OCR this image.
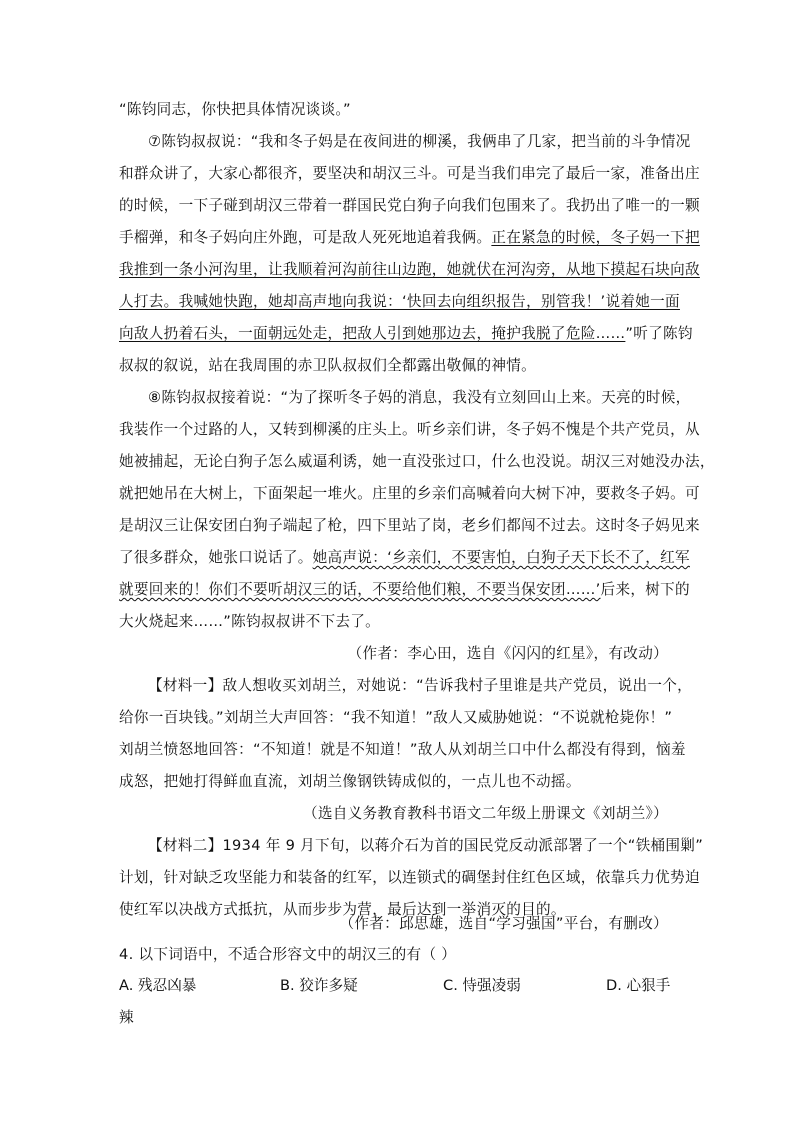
“陈钧同志，你快把具体情况谈谈。”
⑦陈钧叔叔说：“我和冬子妈是在夜间进的柳溪，我俩串了几家，把当前的斗争情况
和群众讲了，大家心都很齐，要坚决和胡汉三斗。可是当我们串完了最后一家，准备出庄
的时候，一下子碰到胡汉三带着一群国民党白狗子向我们包围来了。我扔出了唯一的一颗
手榴弹，和冬子妈向庄外跑，可是敌人死死地追着我俩。正在紧急的时候，冬子妈一下把
我推到一条小河沟里，让我顺着河沟前往山边跑，她就伏在河沟旁，从地下摸起石块向敌
人打去。我喊她快跑，她却高声地向我说：‘快回去向组织报告，别管我！’说着她一面
向敌人扔着石头，一面朝远处走，把敌人引到她那边去，掩护我脱了危险……”听了陈钧
叔叔的叙说，站在我周围的赤卫队叔叔们全都露出敬佩的神情。
⑧陈钧叔叔接着说：“为了探听冬子妈的消息，我没有立刻回山上来。天亮的时候，
我装作一个过路的人，又转到柳溪的庄头上。听乡亲们讲，冬子妈不愧是个共产党员，从
她被捕起，无论白狗子怎么威逼利诱，她一直没张过口，什么也没说。胡汉三对她没办法，
就把她吊在大树上，下面架起一堆火。庄里的乡亲们高喊着向大树下冲，要救冬子妈。可
是胡汉三让保安团白狗子端起了枪，四下里站了岗，老乡们都闯不过去。这时冬子妈见来
了很多群众，她张口说话了。她高声说：‘乡亲们，不要害怕，白狗子天下长不了，红军
就要回来的！你们不要听胡汉三的话，不要给他们粮，不要当保安团……’后来，树下的
大火烧起来……”陈钧叔叔讲不下去了。
（作者：李心田，选自《闪闪的红星》，有改动）
【材料一】敌人想收买刘胡兰，对她说：“告诉我村子里谁是共产党员，说出一个，
给你一百块钱。”刘胡兰大声回答：“我不知道！”敌人又威胁她说：“不说就枪毙你！”
刘胡兰愤怒地回答：“不知道！就是不知道！”敌人从刘胡兰口中什么都没有得到，恼羞
成怒，把她打得鲜血直流，刘胡兰像钢铁铸成似的，一点儿也不动摇。
（选自义务教育教科书语文二年级上册课文《刘胡兰》）
【材料二】1934 年 9 月下旬，以蒋介石为首的国民党反动派部署了一个“铁桶围剿”
计划，针对缺乏攻坚能力和装备的红军，以连锁式的碉堡封住红色区域，依靠兵力优势迫
使红军以决战方式抵抗，从而步步为营，最后达到一举消灭的目的。
（作者：邱思雄，选自“学习强国”平台，有删改）
4. 以下词语中，不适合形容文中的胡汉三的有（ ）
A. 残忍凶暴	B. 狡诈多疑	C. 恃强凌弱	D. 心狠手
辣
